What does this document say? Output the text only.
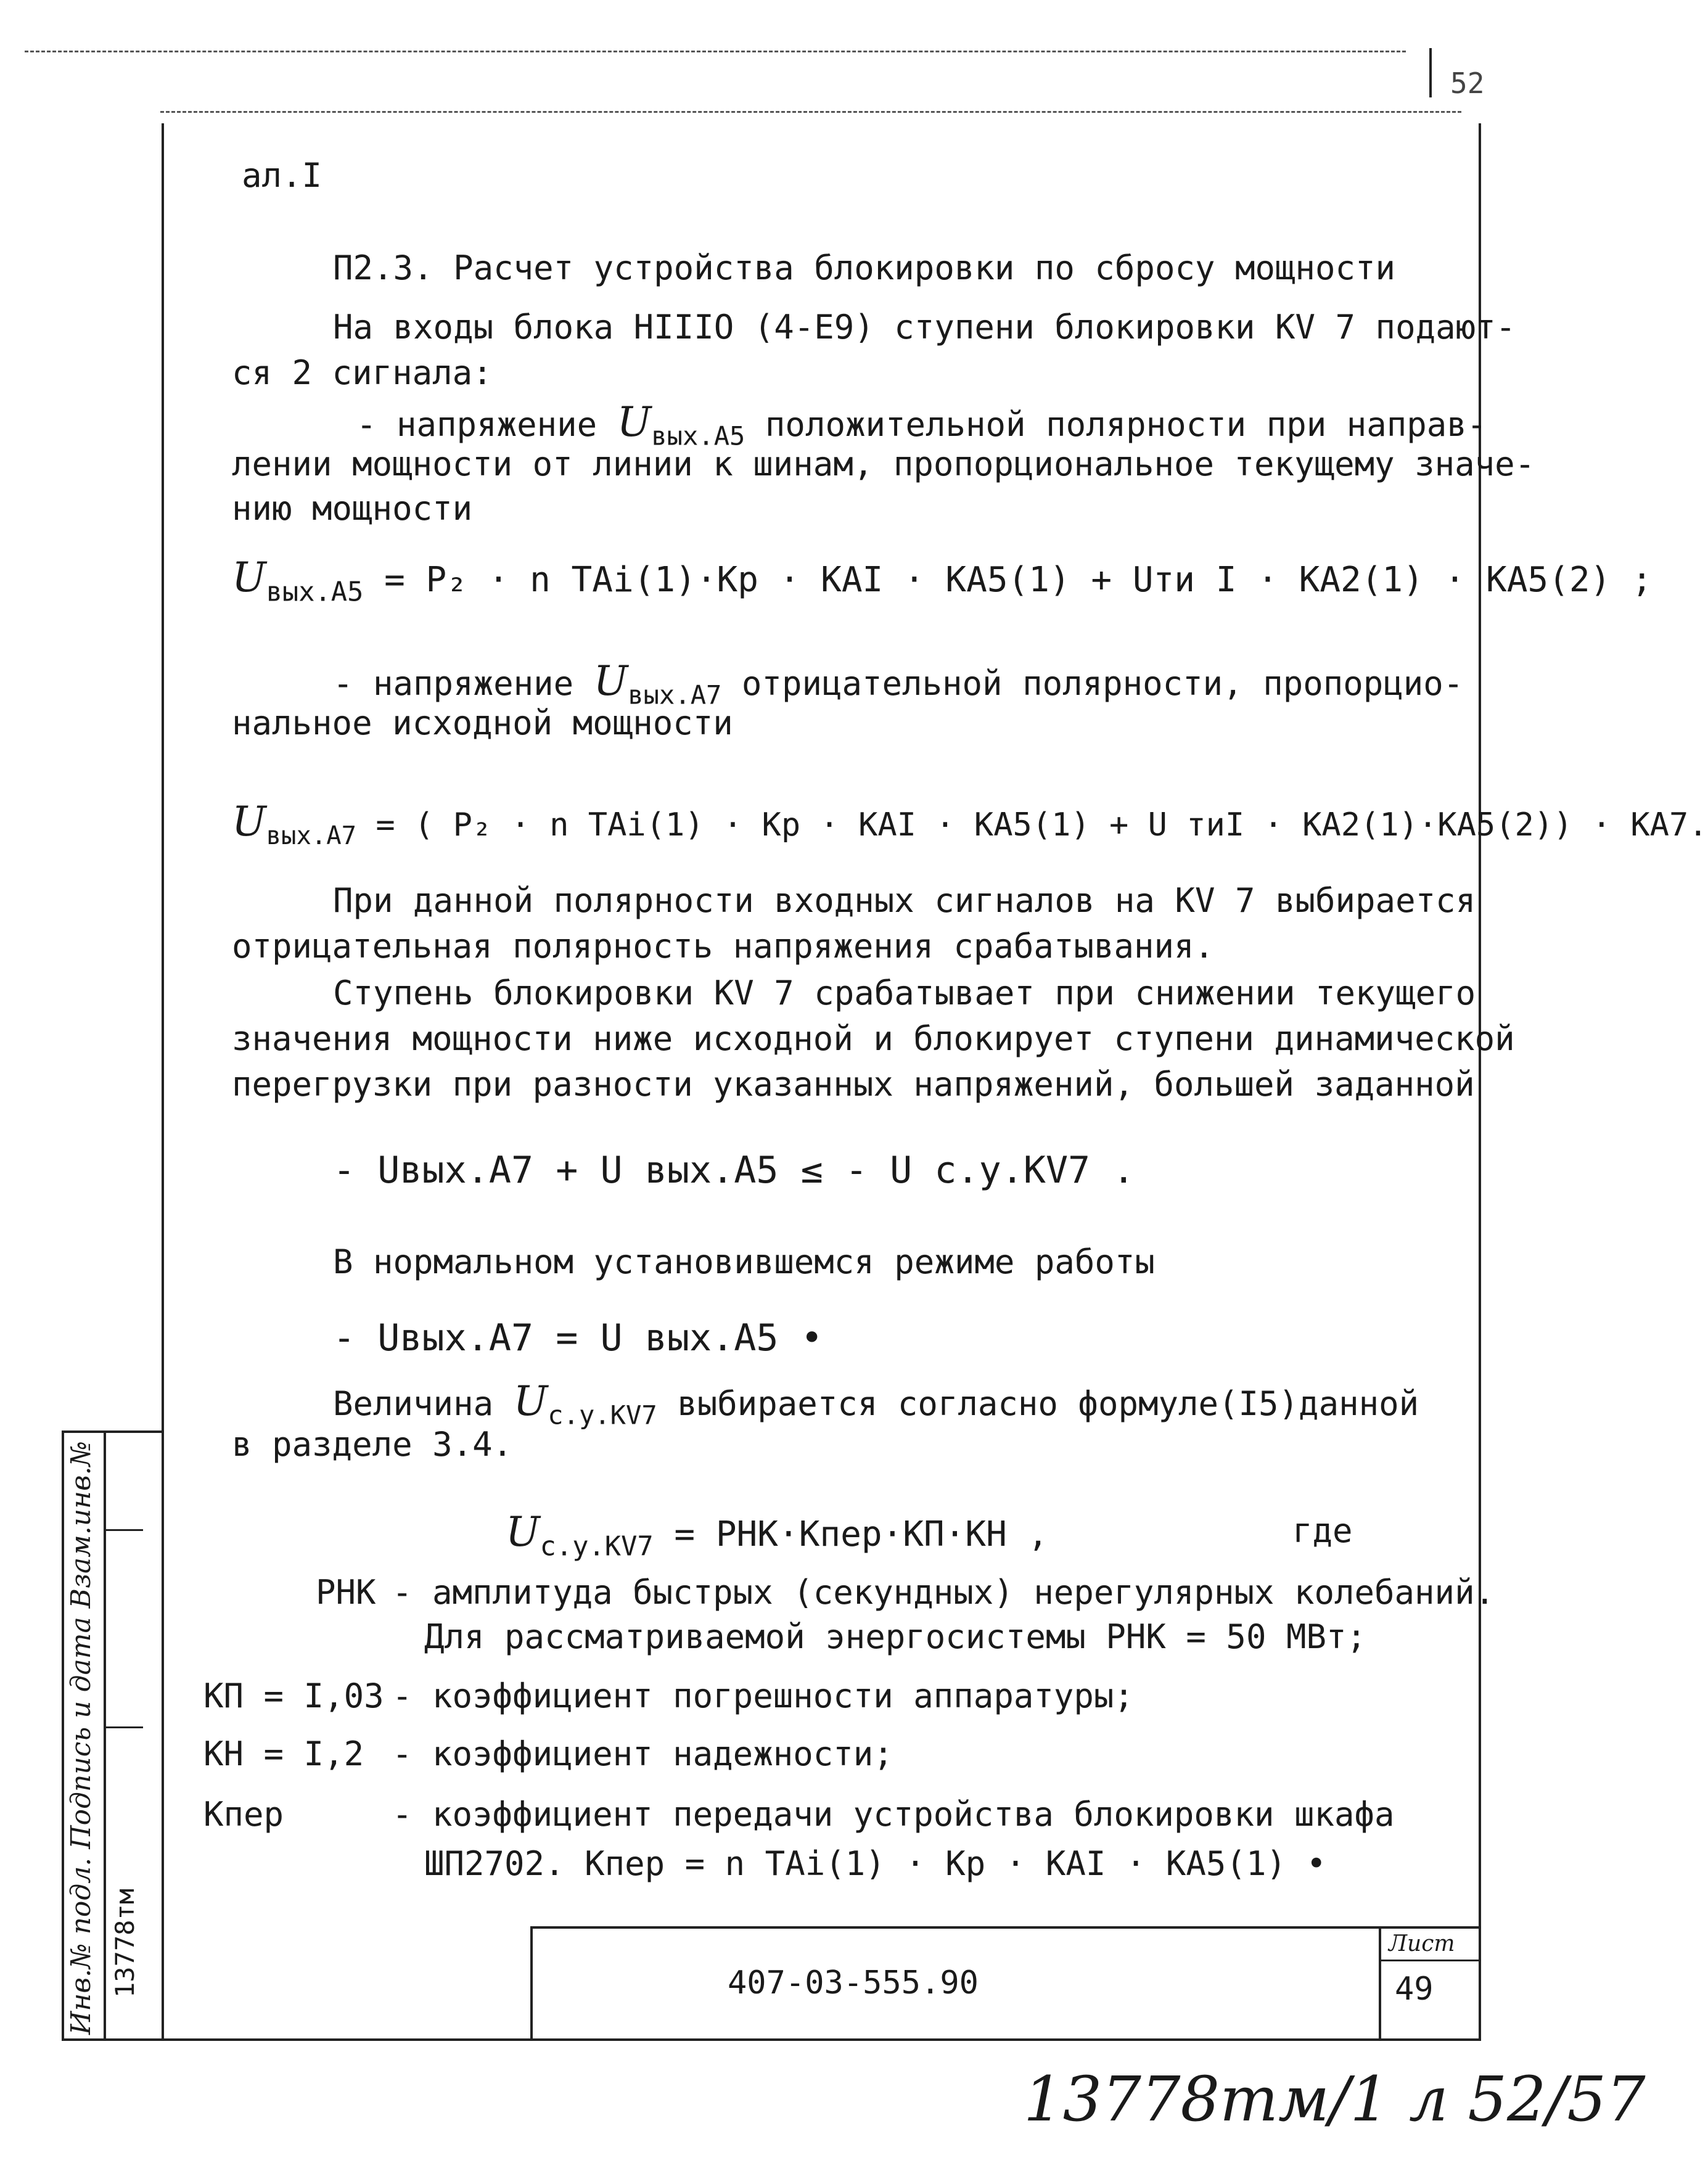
52
Инв.№ подл. Подпись и дата Взам.инв.№ 13778тм
ал.I
П2.3. Расчет устройства блокировки по сбросу мощности
На входы блока НIIIО (4-Е9) ступени блокировки КV 7 подают-
ся 2 сигнала:
- напряжение $U_{вых.А5}$ положительной полярности при направ-
лении мощности от линии к шинам, пропорциональное текущему значе-
нию мощности
$U_{вых.А5} = P_2 \cdot n$ TAi(1)·Kp · KAI · KA5(1) + Uти I · KA2(1) · KA5(2) ;
- напряжение $U_{вых.А7}$ отрицательной полярности, пропорцио-
нальное исходной мощности
$U_{вых.А7}$ = ( P₂ · n TAi(1) · Kp · KAI · KA5(1) + U тиI · KA2(1)·KA5(2)) · KA7.
При данной полярности входных сигналов на КV 7 выбирается
отрицательная полярность напряжения срабатывания.
Ступень блокировки КV 7 срабатывает при снижении текущего
значения мощности ниже исходной и блокирует ступени динамической
перегрузки при разности указанных напряжений, большей заданной
- Uвых.А7 + U вых.А5 ≤ - U с.у.КV7 .
В нормальном установившемся режиме работы
- Uвых.А7 = U вых.А5 •
Величина $U_{с.у.КV7}$ выбирается согласно формуле(I5)данной
в разделе 3.4.
$U_{с.у.КV7}$ = PНК·Kпер·KП·KН ,	где
PНК - амплитуда быстрых (секундных) нерегулярных колебаний.
Для рассматриваемой энергосистемы PНК = 50 МВт;
KП = I,03 - коэффициент погрешности аппаратуры;
KН = I,2 - коэффициент надежности;
Kпер	- коэффициент передачи устройства блокировки шкафа
ШП2702. Kпер = n TAi(1) · Kp · KAI · KA5(1) •
407-03-555.90
Лист
49
13778тм/1 л 52/57
